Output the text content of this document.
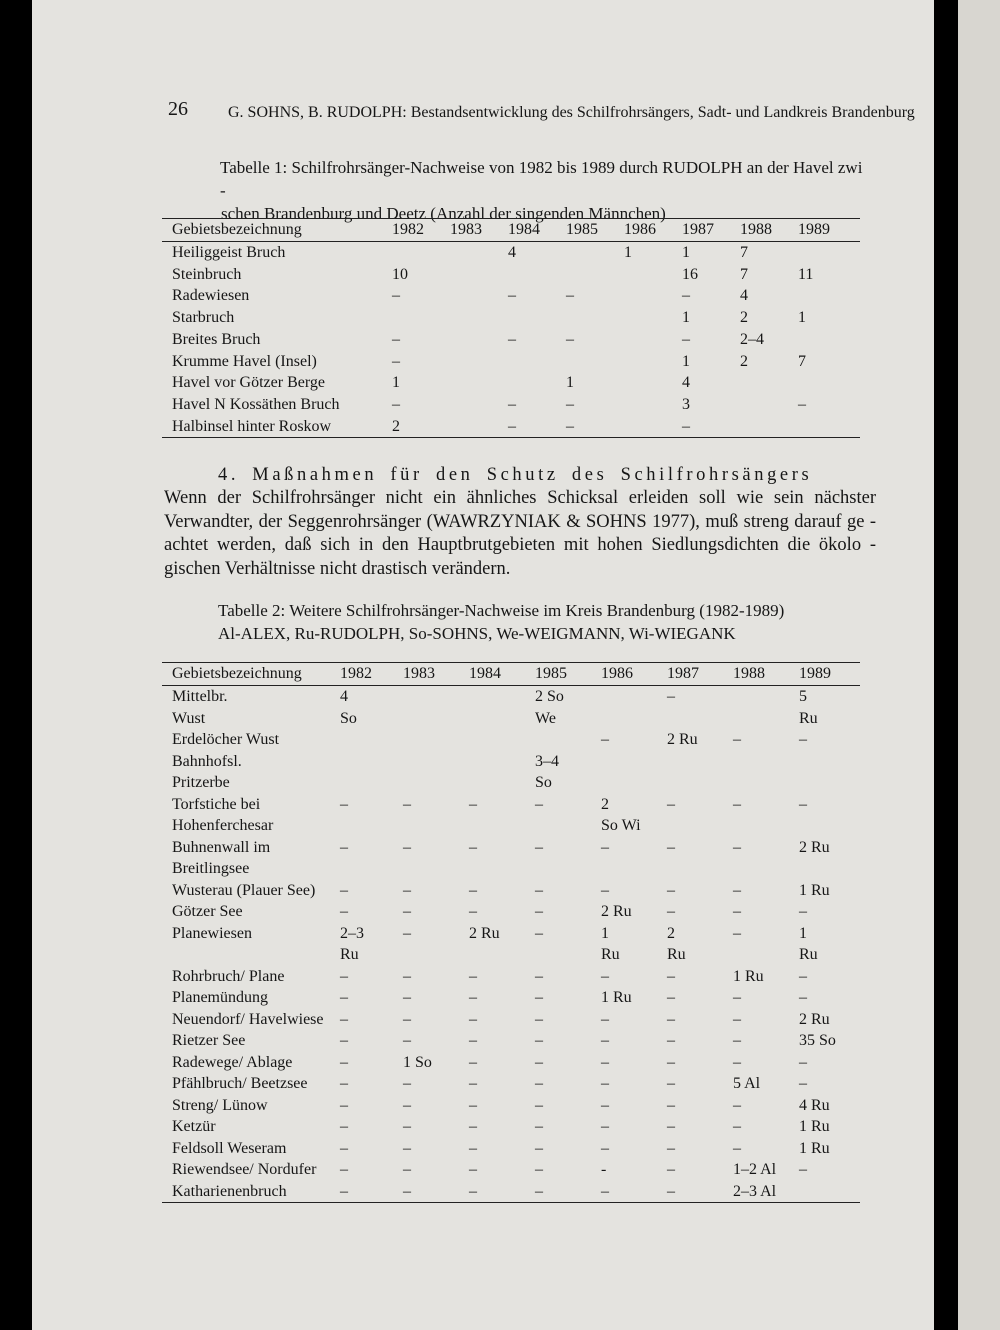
26	G. SOHNS, B. RUDOLPH: Bestandsentwicklung des Schilfrohrsängers, Sadt- und Landkreis Brandenburg
Tabelle 1: Schilfrohrsänger-Nachweise von 1982 bis 1989 durch RUDOLPH an der Havel zwi -
schen Brandenburg und Deetz (Anzahl der singenden Männchen)
Gebietsbezeichnung	1982	1983	1984	1985	1986	1987	1988	1989
Heiliggeist Bruch			4		1	1	7	
Steinbruch	10					16	7	11
Radewiesen	–		–	–		–	4	
Starbruch						1	2	1
Breites Bruch	–		–	–		–	2–4	
Krumme Havel (Insel)	–					1	2	7
Havel vor Götzer Berge	1			1		4		
Havel N Kossäthen Bruch	–		–	–		3		–
Halbinsel hinter Roskow	2		–	–		–		
4. Maßnahmen für den Schutz des Schilfrohrsängers
Wenn der Schilfrohrsänger nicht ein ähnliches Schicksal erleiden soll wie sein nächster
Verwandter, der Seggenrohrsänger (WAWRZYNIAK & SOHNS 1977), muß streng darauf ge -
achtet werden, daß sich in den Hauptbrutgebieten mit hohen Siedlungsdichten die ökolo -
gischen Verhältnisse nicht drastisch verändern.
Tabelle 2: Weitere Schilfrohrsänger-Nachweise im Kreis Brandenburg (1982-1989)
Al-ALEX, Ru-RUDOLPH, So-SOHNS, We-WEIGMANN, Wi-WIEGANK
Gebietsbezeichnung	1982	1983	1984	1985	1986	1987	1988	1989
Mittelbr.	4			2 So		–		5
Wust	So			We				Ru
Erdelöcher Wust					–	2 Ru	–	–
Bahnhofsl.				3–4				
Pritzerbe				So				
Torfstiche bei	–	–	–	–	2	–	–	–
Hohenferchesar					So Wi			
Buhnenwall im	–	–	–	–	–	–	–	2 Ru
Breitlingsee								
Wusterau (Plauer See)	–	–	–	–	–	–	–	1 Ru
Götzer See	–	–	–	–	2 Ru	–	–	–
Planewiesen	2–3	–	2 Ru	–	1	2	–	1
	Ru				Ru	Ru		Ru
Rohrbruch/ Plane	–	–	–	–	–	–	1 Ru	–
Planemündung	–	–	–	–	1 Ru	–	–	–
Neuendorf/ Havelwiese	–	–	–	–	–	–	–	2 Ru
Rietzer See	–	–	–	–	–	–	–	35 So
Radewege/ Ablage	–	1 So	–	–	–	–	–	–
Pfählbruch/ Beetzsee	–	–	–	–	–	–	5 Al	–
Streng/ Lünow	–	–	–	–	–	–	–	4 Ru
Ketzür	–	–	–	–	–	–	–	1 Ru
Feldsoll Weseram	–	–	–	–	–	–	–	1 Ru
Riewendsee/ Nordufer	–	–	–	–	-	–	1–2 Al	–
Katharienenbruch	–	–	–	–	–	–	2–3 Al	
